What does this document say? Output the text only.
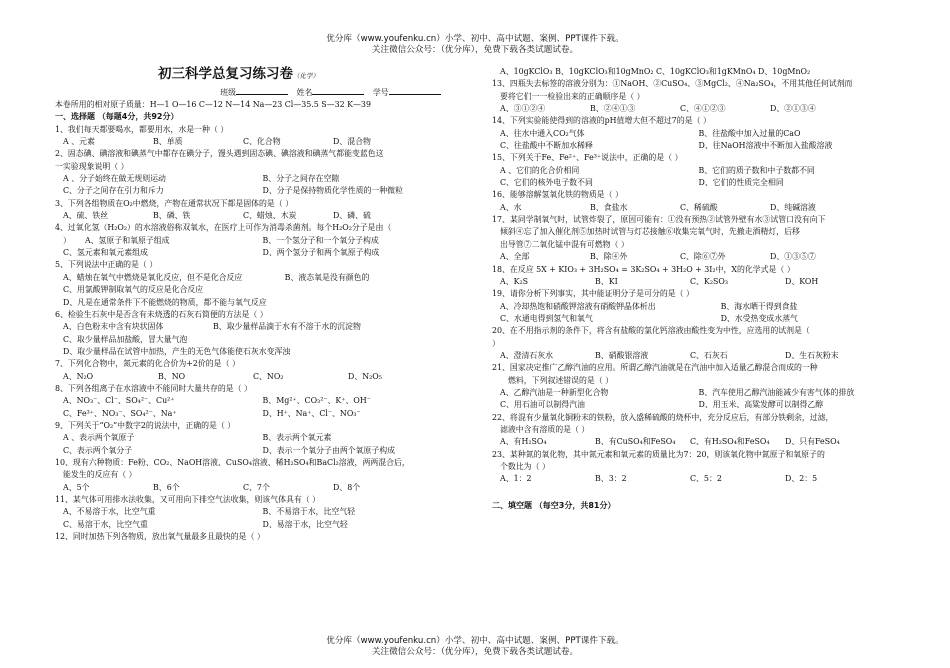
优分库（www.youfenku.cn）小学、初中、高中试题、案例、PPT课件下载。
关注微信公众号：（优分库），免费下载各类试题试卷。
初三科学总复习练习卷（化学）
班级	姓名	学号
本卷所用的相对原子质量：H—1 O—16 C—12 N—14 Na—23 Cl—35.5 S—32 K—39
一、选择题 （每题4分，共92分）
1、我们每天都要喝水，都要用水，水是一种（ ）
A 、元素	B、单质	C、化合物	D、混合物
2、固态碘、碘溶液和碘蒸气中都存在碘分子，馒头遇到固态碘、碘溶液和碘蒸气都能变蓝色这
一实验现象说明（ ）
A 、分子始终在做无规则运动	B、分子之间存在空隙
C、分子之间存在引力和斥力	D、分子是保持物质化学性质的一种微粒
3、下列各组物质在O₂中燃烧，产物在通常状况下都是固体的是（ ）
A、硫、铁丝	B、磷、铁	C、蜡烛、木炭	D、磷、硫
4、过氧化氢（H₂O₂）的水溶液俗称双氧水，在医疗上可作为消毒杀菌剂。每个H₂O₂分子是由（
）	A、氢原子和氧原子组成	B、一个氢分子和一个氧分子构成
C、氢元素和氧元素组成	D、两个氢分子和两个氧原子构成
5、下列说法中正确的是（ ）
A、蜡烛在氧气中燃烧是氧化反应，但不是化合反应	B、液态氧是没有颜色的
C、用氯酸钾制取氧气的反应是化合反应
D、凡是在通常条件下不能燃烧的物质，都不能与氧气反应
6、检验生石灰中是否含有未烧透的石灰石简便的方法是（ ）
A、白色粉末中含有块状固体	B、取少量样品滴于水有不溶于水的沉淀物
C、取少量样品加盐酸，冒大量气泡
D、取少量样品在试管中加热，产生的无色气体能使石灰水变浑浊
7、下列化合物中，氮元素的化合价为+2价的是（ ）
A、N₂O	B、NO	C、NO₂	D、N₂O₅
8、下列各组离子在水溶液中不能同时大量共存的是（ ）
A、NO₃⁻、Cl⁻、SO₄²⁻、Cu²⁺	B、Mg²⁺、CO₃²⁻、K⁺、OH⁻
C、Fe³⁺、NO₃⁻、SO₄²⁻、Na⁺	D、H⁺、Na⁺、Cl⁻、NO₃⁻
9、下列关于“O₂”中数字2的说法中，正确的是（ ）
A 、表示两个氧原子	B、表示两个氧元素
C、表示两个氧分子	D、表示一个氧分子由两个氧原子构成
10、现有六种物质：Fe粉、CO₂、NaOH溶液、CuSO₄溶液、稀H₂SO₄和BaCl₂溶液，两两混合后，
能发生的反应有（ ）
A、5个	B、6个	C、7个	D、8个
11、某气体可用排水法收集，又可用向下排空气法收集，则该气体具有（ ）
A、不易溶于水，比空气重	B、不易溶于水，比空气轻
C、易溶于水，比空气重	D、易溶于水，比空气轻
12、同时加热下列各物质，放出氧气量最多且最快的是（ ）
A、10gKClO₃ B、10gKClO₃和10gMnO₂ C、10gKClO₃和1gKMnO₄ D、10gMnO₂
13、四瓶失去标签的溶液分别为：①NaOH、②CuSO₄、③MgCl₂、④Na₂SO₄，不用其他任何试剂而
要将它们一一检验出来的正确顺序是（ ）
A、③①②④	B、②④①③	C、④①②③	D、②①③④
14、下列实验能使得到的溶液的pH值增大但不超过7的是（ ）
A、往水中通入CO₂气体	B、往盐酸中加入过量的CaO
C、往盐酸中不断加水稀释	D、往NaOH溶液中不断加入盐酸溶液
15、下列关于Fe、Fe²⁺、Fe³⁺说法中，正确的是（ ）
A 、它们的化合价相同	B、它们的质子数和中子数都不同
C、它们的核外电子数不同	D、它们的性质完全相同
16、能够溶解氢氧化铁的物质是（ ）
A、水	B、食盐水	C、稀硫酸	D、纯碱溶液
17、某同学制氧气时，试管炸裂了，原因可能有：①没有预热②试管外壁有水③试管口没有向下
倾斜④忘了加入催化剂⑤加热时试管与灯芯接触⑥收集完氧气时，先撤走酒精灯，后移
出导管⑦二氧化锰中混有可燃物（ ）
A、全部	B、除④外	C、除⑥⑦外	D、①③⑤⑦
18、在反应 5X + KIO₃ + 3H₂SO₄ = 3K₂SO₄ + 3H₂O + 3I₂中，X的化学式是（ ）
A、K₂S	B、KI	C、K₂SO₃	D、KOH
19、请你分析下列事实，其中能证明分子是可分的是（ ）
A、冷却热饱和硝酸钾溶液有硝酸钾晶体析出	B、海水晒干得到食盐
C、水通电得到氢气和氧气	D、水受热变成水蒸气
20、在不用指示剂的条件下，将含有盐酸的氯化钙溶液由酸性变为中性，应选用的试剂是（
）
A、澄清石灰水	B、硝酸银溶液	C、石灰石	D、生石灰粉末
21、国家决定推广乙醇汽油的应用。所谓乙醇汽油就是在汽油中加入适量乙醇混合而成的一种
燃料，下列叙述错误的是（ ）
A、乙醇汽油是一种新型化合物	B、汽车使用乙醇汽油能减少有害气体的排放
C、用石油可以制得汽油	D、用玉米、高粱发酵可以制得乙醇
22、将混有少量氧化铜粉末的铁粉，放入盛稀硫酸的烧杯中，充分反应后，有部分铁剩余，过滤，
滤液中含有溶质的是（ ）
A、有H₂SO₄	B、有CuSO₄和FeSO₄	C、有H₂SO₄和FeSO₄	D、只有FeSO₄
23、某种氮的氧化物，其中氮元素和氧元素的质量比为7：20，则该氧化物中氮原子和氧原子的
个数比为（ ）
A、1：2	B、3：2	C、5：2	D、2：5
二、填空题 （每空3分，共81分）
优分库（www.youfenku.cn）小学、初中、高中试题、案例、PPT课件下载。
关注微信公众号：（优分库），免费下载各类试题试卷。
